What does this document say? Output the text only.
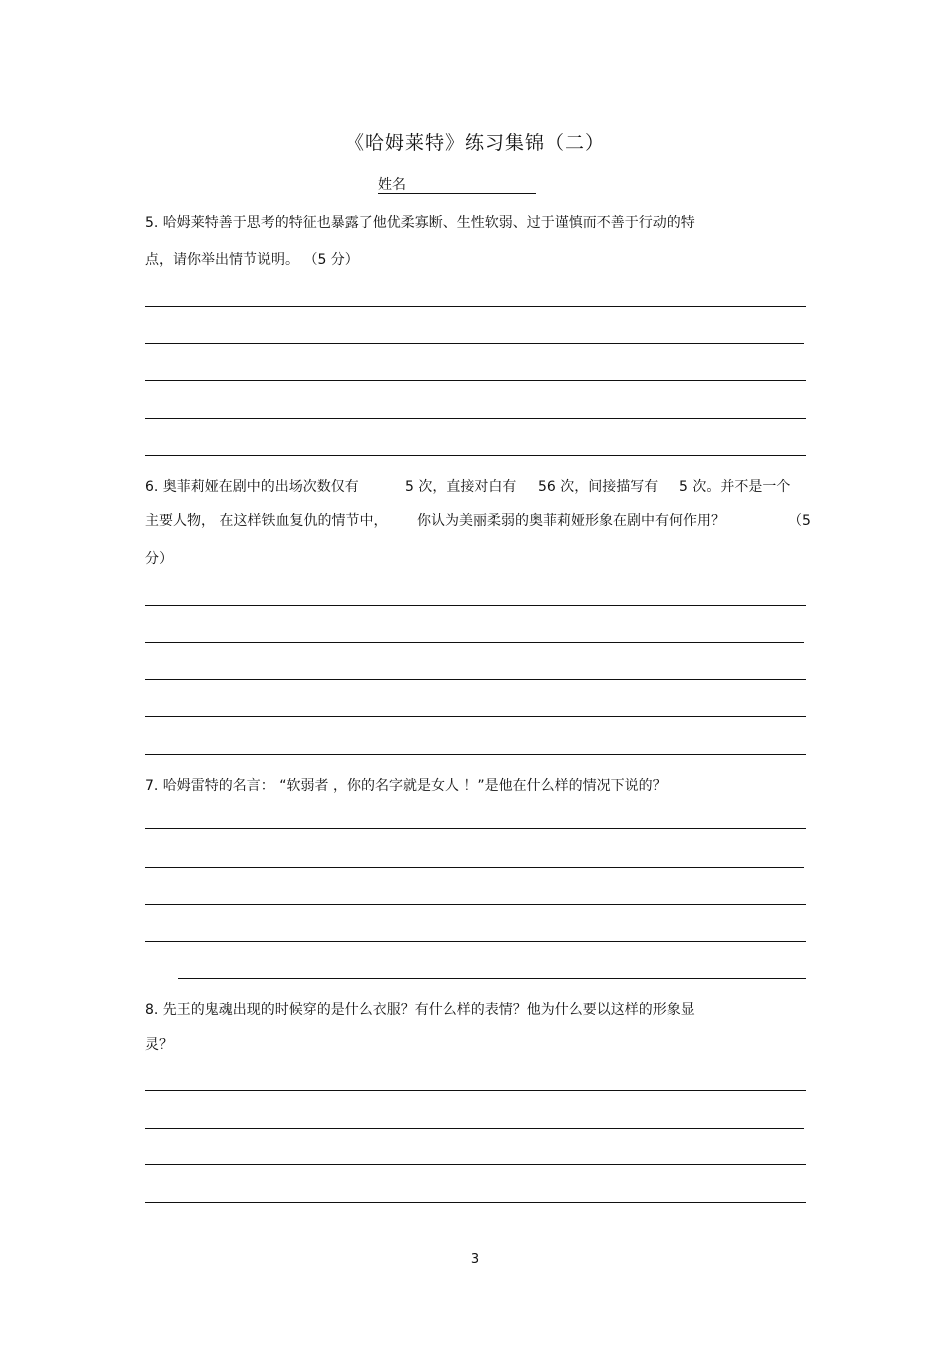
《哈姆莱特》练习集锦（二）
姓名
5. 哈姆莱特善于思考的特征也暴露了他优柔寡断、生性软弱、过于谨慎而不善于行动的特
点，请你举出情节说明。 （5 分）
6. 奥菲莉娅在剧中的出场次数仅有	5 次，直接对白有 56 次，间接描写有 5 次。并不是一个
主要人物， 在这样铁血复仇的情节中， 你认为美丽柔弱的奥菲莉娅形象在剧中有何作用？	（5
分）
7. 哈姆雷特的名言： “软弱者 ，你的名字就是女人 ！”是他在什么样的情况下说的？
8. 先王的鬼魂出现的时候穿的是什么衣服？有什么样的表情？他为什么要以这样的形象显
灵？
3
